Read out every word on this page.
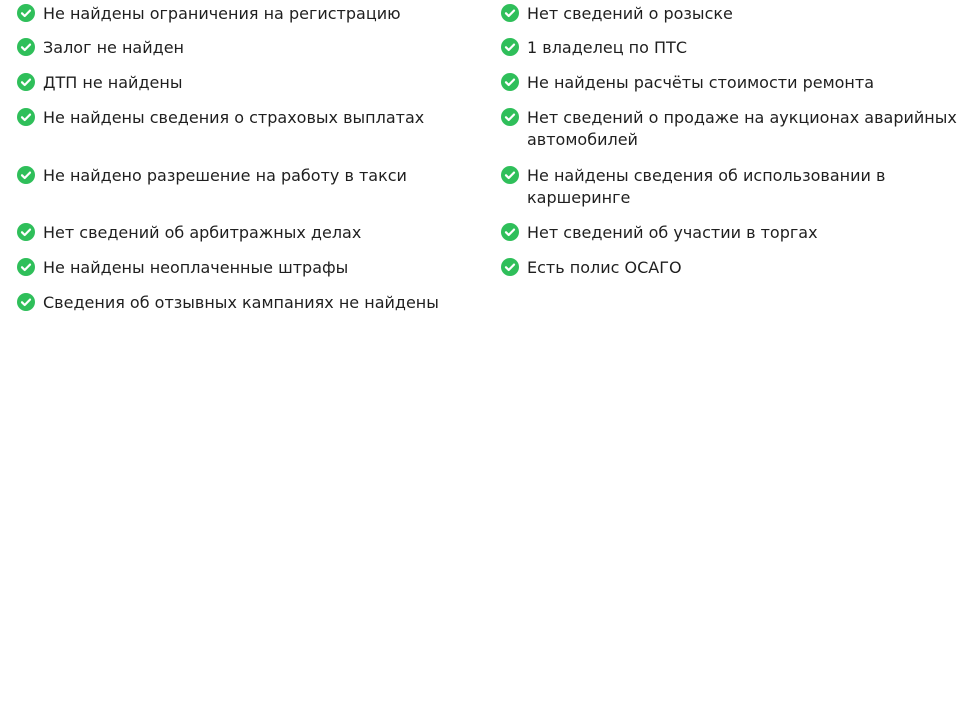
Не найдены ограничения на регистрацию
Залог не найден
ДТП не найдены
Не найдены сведения о страховых выплатах
Не найдено разрешение на работу в такси
Нет сведений об арбитражных делах
Не найдены неоплаченные штрафы
Сведения об отзывных кампаниях не найдены
Нет сведений о розыске
1 владелец по ПТС
Не найдены расчёты стоимости ремонта
Нет сведений о продаже на аукционах аварийных автомобилей
Не найдены сведения об использовании в каршеринге
Нет сведений об участии в торгах
Есть полис ОСАГО
